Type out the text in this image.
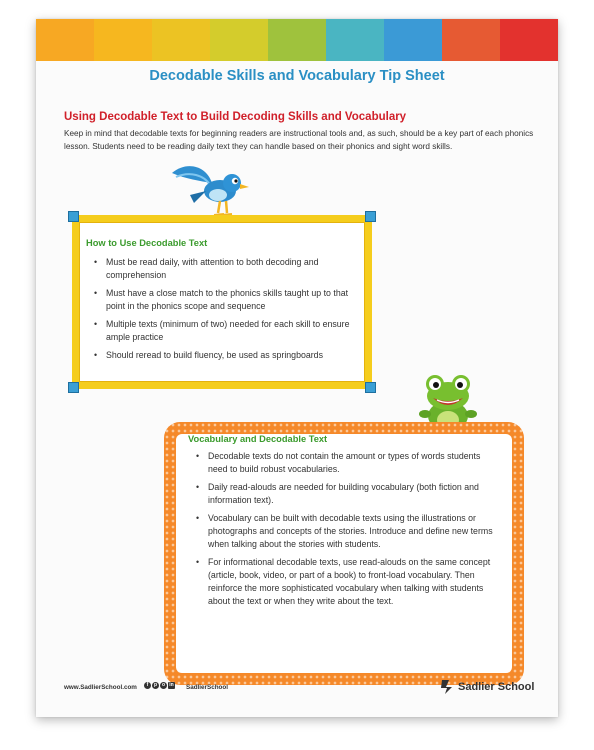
Decodable Skills and Vocabulary Tip Sheet
Using Decodable Text to Build Decoding Skills and Vocabulary
Keep in mind that decodable texts for beginning readers are instructional tools and, as such, should be a key part of each phonics lesson. Students need to be reading daily text they can handle based on their phonics and sight word skills.
How to Use Decodable Text
• Must be read daily, with attention to both decoding and comprehension
• Must have a close match to the phonics skills taught up to that point in the phonics scope and sequence
• Multiple texts (minimum of two) needed for each skill to ensure ample practice
• Should reread to build fluency, be used as springboards
Vocabulary and Decodable Text
• Decodable texts do not contain the amount or types of words students need to build robust vocabularies.
• Daily read-alouds are needed for building vocabulary (both fiction and information text).
• Vocabulary can be built with decodable texts using the illustrations or photographs and concepts of the stories. Introduce and define new terms when talking about the stories with students.
• For informational decodable texts, use read-alouds on the same concept (article, book, video, or part of a book) to front-load vocabulary. Then reinforce the more sophisticated vocabulary when talking with students about the text or when they write about the text.
www.SadlierSchool.com	f	p o in SadlierSchool	Sadlier School
